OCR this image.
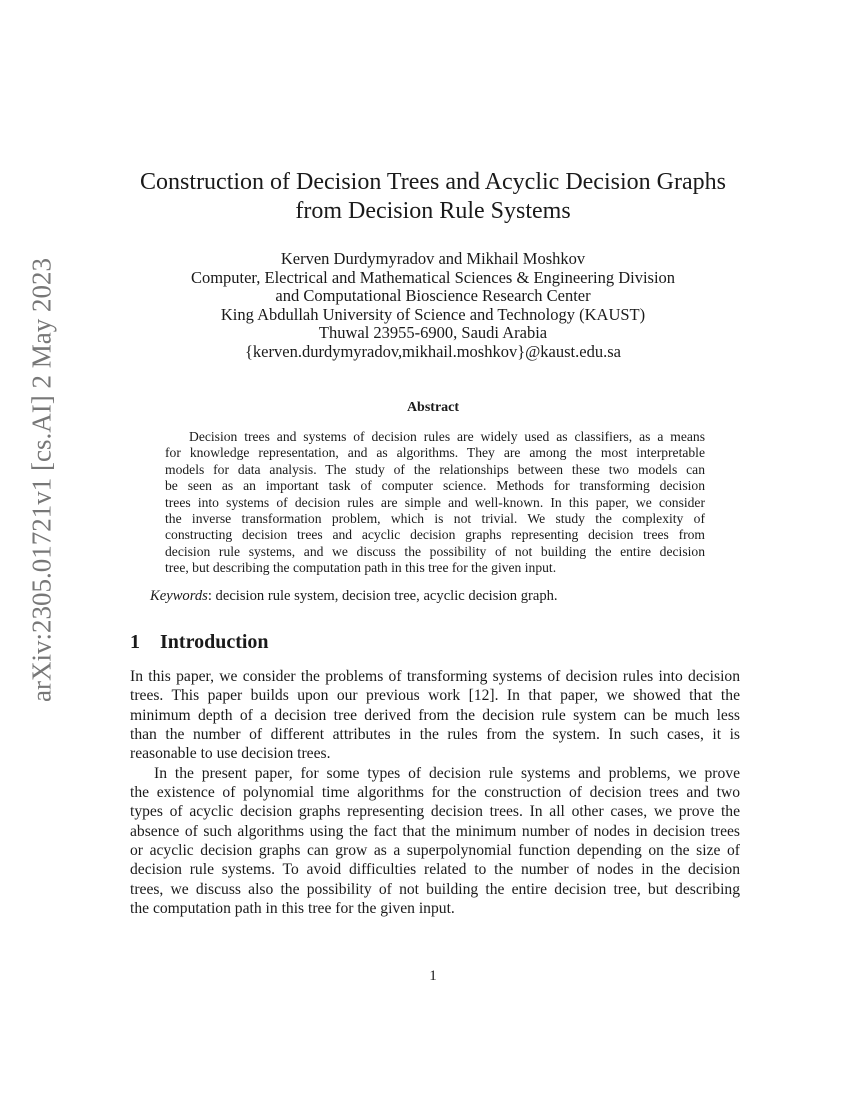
arXiv:2305.01721v1 [cs.AI] 2 May 2023
Construction of Decision Trees and Acyclic Decision Graphs
from Decision Rule Systems
Kerven Durdymyradov and Mikhail Moshkov
Computer, Electrical and Mathematical Sciences & Engineering Division
and Computational Bioscience Research Center
King Abdullah University of Science and Technology (KAUST)
Thuwal 23955-6900, Saudi Arabia
{kerven.durdymyradov,mikhail.moshkov}@kaust.edu.sa
Abstract
Decision trees and systems of decision rules are widely used as classifiers, as a means
for knowledge representation, and as algorithms. They are among the most interpretable
models for data analysis. The study of the relationships between these two models can
be seen as an important task of computer science. Methods for transforming decision
trees into systems of decision rules are simple and well-known. In this paper, we consider
the inverse transformation problem, which is not trivial. We study the complexity of
constructing decision trees and acyclic decision graphs representing decision trees from
decision rule systems, and we discuss the possibility of not building the entire decision
tree, but describing the computation path in this tree for the given input.
Keywords: decision rule system, decision tree, acyclic decision graph.
1 Introduction
In this paper, we consider the problems of transforming systems of decision rules into decision
trees. This paper builds upon our previous work [12]. In that paper, we showed that the
minimum depth of a decision tree derived from the decision rule system can be much less
than the number of different attributes in the rules from the system. In such cases, it is
reasonable to use decision trees.
In the present paper, for some types of decision rule systems and problems, we prove
the existence of polynomial time algorithms for the construction of decision trees and two
types of acyclic decision graphs representing decision trees. In all other cases, we prove the
absence of such algorithms using the fact that the minimum number of nodes in decision trees
or acyclic decision graphs can grow as a superpolynomial function depending on the size of
decision rule systems. To avoid difficulties related to the number of nodes in the decision
trees, we discuss also the possibility of not building the entire decision tree, but describing
the computation path in this tree for the given input.
1
